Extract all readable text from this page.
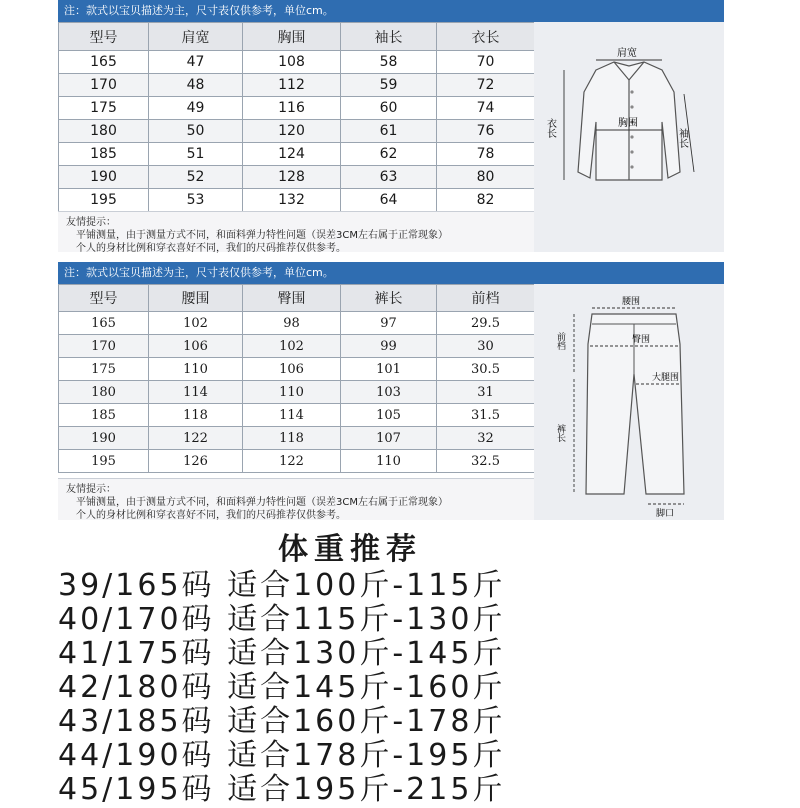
注：款式以宝贝描述为主，尺寸表仅供参考，单位cm。
型号	肩宽	胸围	袖长	衣长
165	47	108	58	70
170	48	112	59	72
175	49	116	60	74
180	50	120	61	76
185	51	124	62	78
190	52	128	63	80
195	53	132	64	82
友情提示：
平铺测量，由于测量方式不同，和面料弹力特性问题（误差3CM左右属于正常现象）
个人的身材比例和穿衣喜好不同，我们的尺码推荐仅供参考。
肩宽
胸围
袖长
衣长
注：款式以宝贝描述为主，尺寸表仅供参考，单位cm。
型号	腰围	臀围	裤长	前档
165	102	98	97	29.5
170	106	102	99	30
175	110	106	101	30.5
180	114	110	103	31
185	118	114	105	31.5
190	122	118	107	32
195	126	122	110	32.5
友情提示：
平铺测量，由于测量方式不同，和面料弹力特性问题（误差3CM左右属于正常现象）
个人的身材比例和穿衣喜好不同，我们的尺码推荐仅供参考。
腰围
前档	臀围
大腿围
裤长
脚口
体重推荐
39/165码 适合100斤-115斤
40/170码 适合115斤-130斤
41/175码 适合130斤-145斤
42/180码 适合145斤-160斤
43/185码 适合160斤-178斤
44/190码 适合178斤-195斤
45/195码 适合195斤-215斤
